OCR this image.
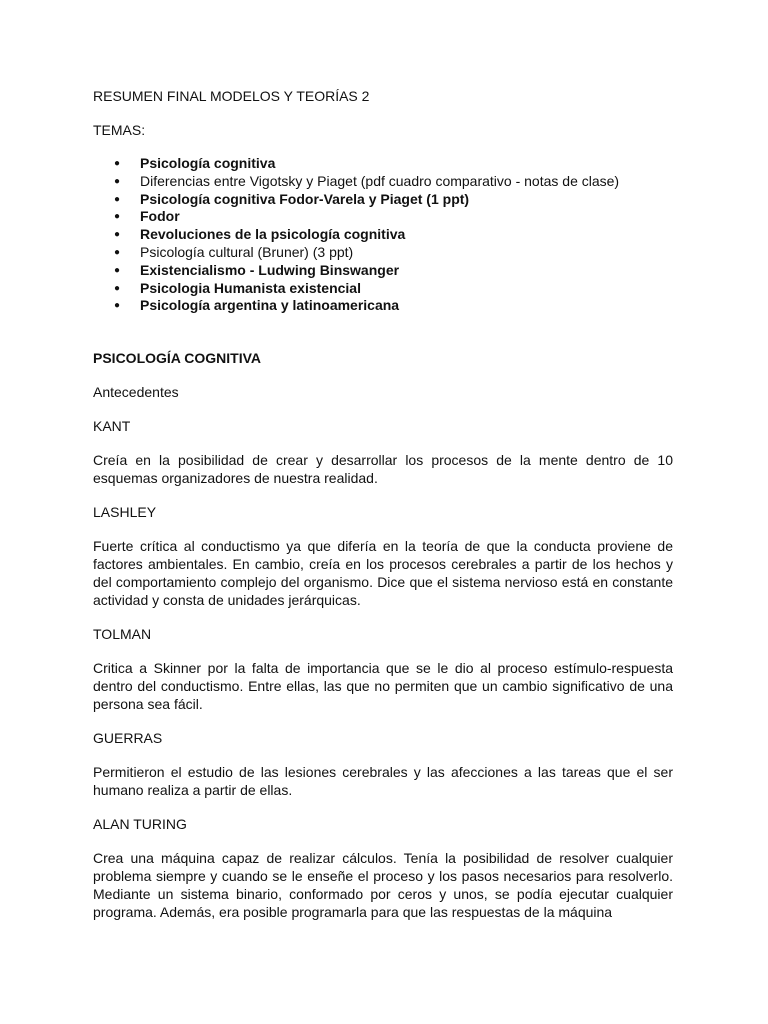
RESUMEN FINAL MODELOS Y TEORÍAS 2
TEMAS:
● Psicología cognitiva
● Diferencias entre Vigotsky y Piaget (pdf cuadro comparativo - notas de clase)
● Psicología cognitiva Fodor-Varela y Piaget (1 ppt)
● Fodor
● Revoluciones de la psicología cognitiva
● Psicología cultural (Bruner) (3 ppt)
● Existencialismo - Ludwing Binswanger
● Psicologia Humanista existencial
● Psicología argentina y latinoamericana
PSICOLOGÍA COGNITIVA
Antecedentes
KANT
Creía en la posibilidad de crear y desarrollar los procesos de la mente dentro de 10 esquemas organizadores de nuestra realidad.
LASHLEY
Fuerte crítica al conductismo ya que difería en la teoría de que la conducta proviene de factores ambientales. En cambio, creía en los procesos cerebrales a partir de los hechos y del comportamiento complejo del organismo. Dice que el sistema nervioso está en constante actividad y consta de unidades jerárquicas.
TOLMAN
Critica a Skinner por la falta de importancia que se le dio al proceso estímulo-respuesta dentro del conductismo. Entre ellas, las que no permiten que un cambio significativo de una persona sea fácil.
GUERRAS
Permitieron el estudio de las lesiones cerebrales y las afecciones a las tareas que el ser humano realiza a partir de ellas.
ALAN TURING
Crea una máquina capaz de realizar cálculos. Tenía la posibilidad de resolver cualquier problema siempre y cuando se le enseñe el proceso y los pasos necesarios para resolverlo. Mediante un sistema binario, conformado por ceros y unos, se podía ejecutar cualquier programa. Además, era posible programarla para que las respuestas de la máquina
